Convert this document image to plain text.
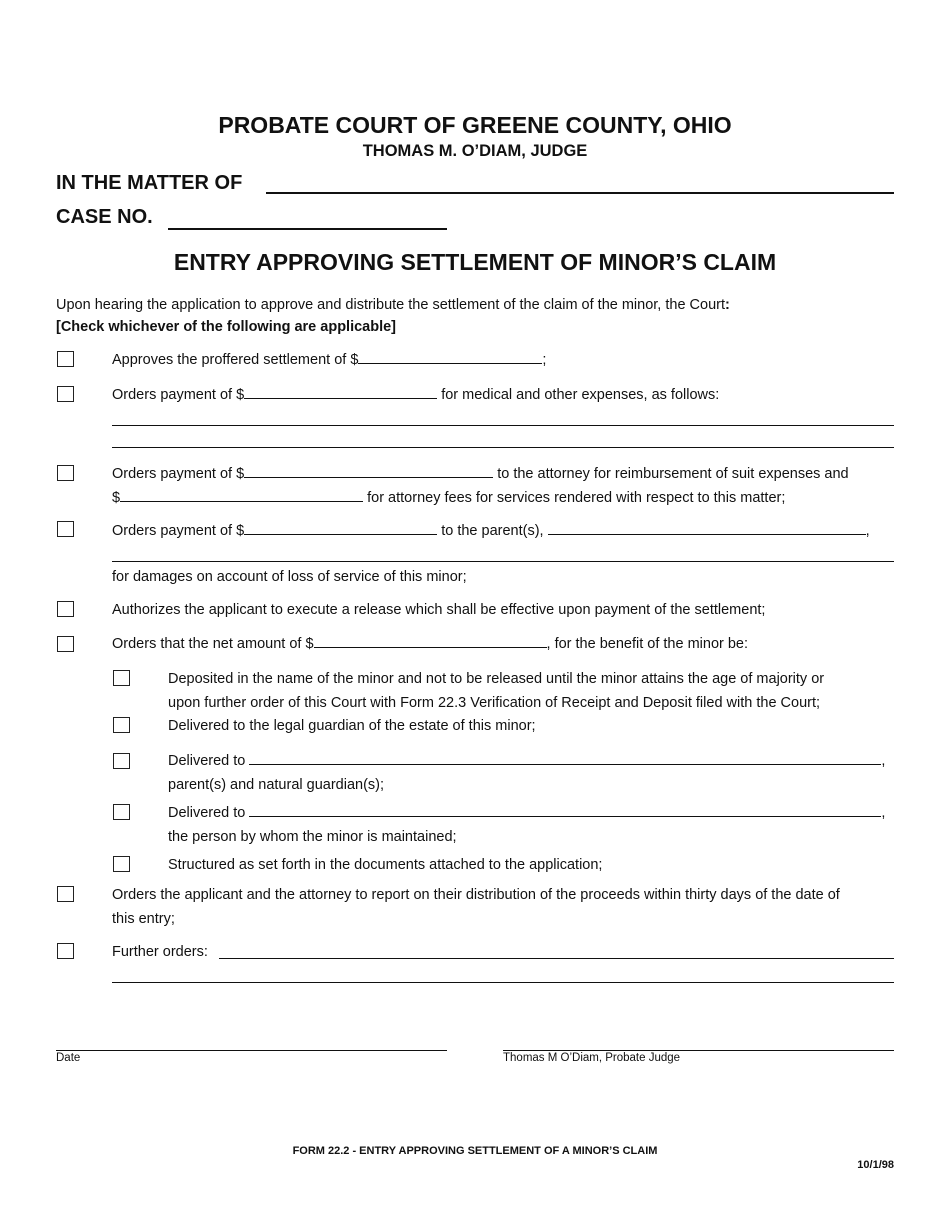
PROBATE COURT OF GREENE COUNTY, OHIO
THOMAS M. O’DIAM, JUDGE
IN THE MATTER OF
CASE NO.
ENTRY APPROVING SETTLEMENT OF MINOR’S CLAIM
Upon hearing the application to approve and distribute the settlement of the claim of the minor, the Court:
[Check whichever of the following are applicable]
Approves the proffered settlement of $	;
Orders payment of $	for medical and other expenses, as follows:
Orders payment of $	to the attorney for reimbursement of suit expenses and
$	for attorney fees for services rendered with respect to this matter;
Orders payment of $	to the parent(s),	,
for damages on account of loss of service of this minor;
Authorizes the applicant to execute a release which shall be effective upon payment of the settlement;
Orders that the net amount of $	, for the benefit of the minor be:
Deposited in the name of the minor and not to be released until the minor attains the age of majority or
upon further order of this Court with Form 22.3 Verification of Receipt and Deposit filed with the Court;
Delivered to the legal guardian of the estate of this minor;
Delivered to	,
parent(s) and natural guardian(s);
Delivered to	,
the person by whom the minor is maintained;
Structured as set forth in the documents attached to the application;
Orders the applicant and the attorney to report on their distribution of the proceeds within thirty days of the date of
this entry;
Further orders:
Date	Thomas M O’Diam, Probate Judge
FORM 22.2 - ENTRY APPROVING SETTLEMENT OF A MINOR’S CLAIM
10/1/98
